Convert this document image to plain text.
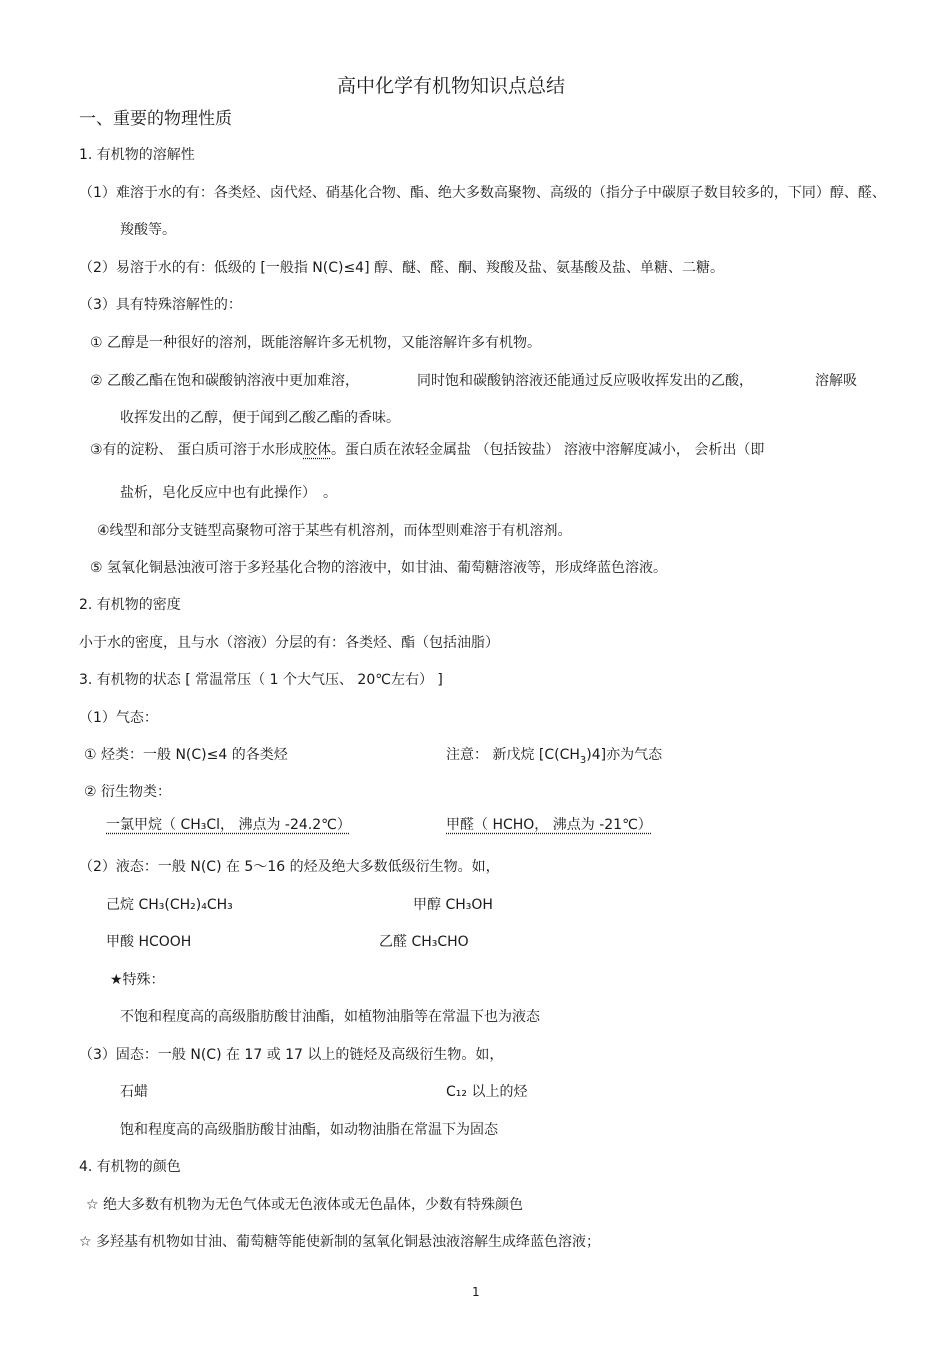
高中化学有机物知识点总结
一、重要的物理性质
1. 有机物的溶解性
（1）难溶于水的有：各类烃、卤代烃、硝基化合物、酯、绝大多数高聚物、高级的（指分子中碳原子数目较多的，下同）醇、醛、
羧酸等。
（2）易溶于水的有：低级的 [一般指 N(C)≤4] 醇、醚、醛、酮、羧酸及盐、氨基酸及盐、单糖、二糖。
（3）具有特殊溶解性的：
① 乙醇是一种很好的溶剂，既能溶解许多无机物，又能溶解许多有机物。
② 乙酸乙酯在饱和碳酸钠溶液中更加难溶，	同时饱和碳酸钠溶液还能通过反应吸收挥发出的乙酸，	溶解吸
收挥发出的乙醇，便于闻到乙酸乙酯的香味。
③有的淀粉、 蛋白质可溶于水形成胶体。蛋白质在浓轻金属盐 （包括铵盐） 溶液中溶解度减小， 会析出（即
盐析，皂化反应中也有此操作）　。
④线型和部分支链型高聚物可溶于某些有机溶剂，而体型则难溶于有机溶剂。
⑤ 氢氧化铜悬浊液可溶于多羟基化合物的溶液中，如甘油、葡萄糖溶液等，形成绛蓝色溶液。
2. 有机物的密度
小于水的密度，且与水（溶液）分层的有：各类烃、酯（包括油脂）
3. 有机物的状态 [ 常温常压（ 1 个大气压、 20℃左右） ]
（1）气态：
① 烃类：一般 N(C)≤4 的各类烃	注意： 新戊烷 $[C(CH_3)4]$亦为气态
② 衍生物类：
一氯甲烷（ CH₃Cl， 沸点为 -24.2℃）	甲醛（ HCHO， 沸点为 -21℃）
（2）液态：一般 N(C) 在 5～16 的烃及绝大多数低级衍生物。如，
己烷 CH₃(CH₂)₄CH₃	甲醇 CH₃OH
甲酸 HCOOH	乙醛 CH₃CHO
★特殊：
不饱和程度高的高级脂肪酸甘油酯，如植物油脂等在常温下也为液态
（3）固态：一般 N(C) 在 17 或 17 以上的链烃及高级衍生物。如，
石蜡	C₁₂ 以上的烃
饱和程度高的高级脂肪酸甘油酯，如动物油脂在常温下为固态
4. 有机物的颜色
☆ 绝大多数有机物为无色气体或无色液体或无色晶体，少数有特殊颜色
☆ 多羟基有机物如甘油、葡萄糖等能使新制的氢氧化铜悬浊液溶解生成绛蓝色溶液；
1
